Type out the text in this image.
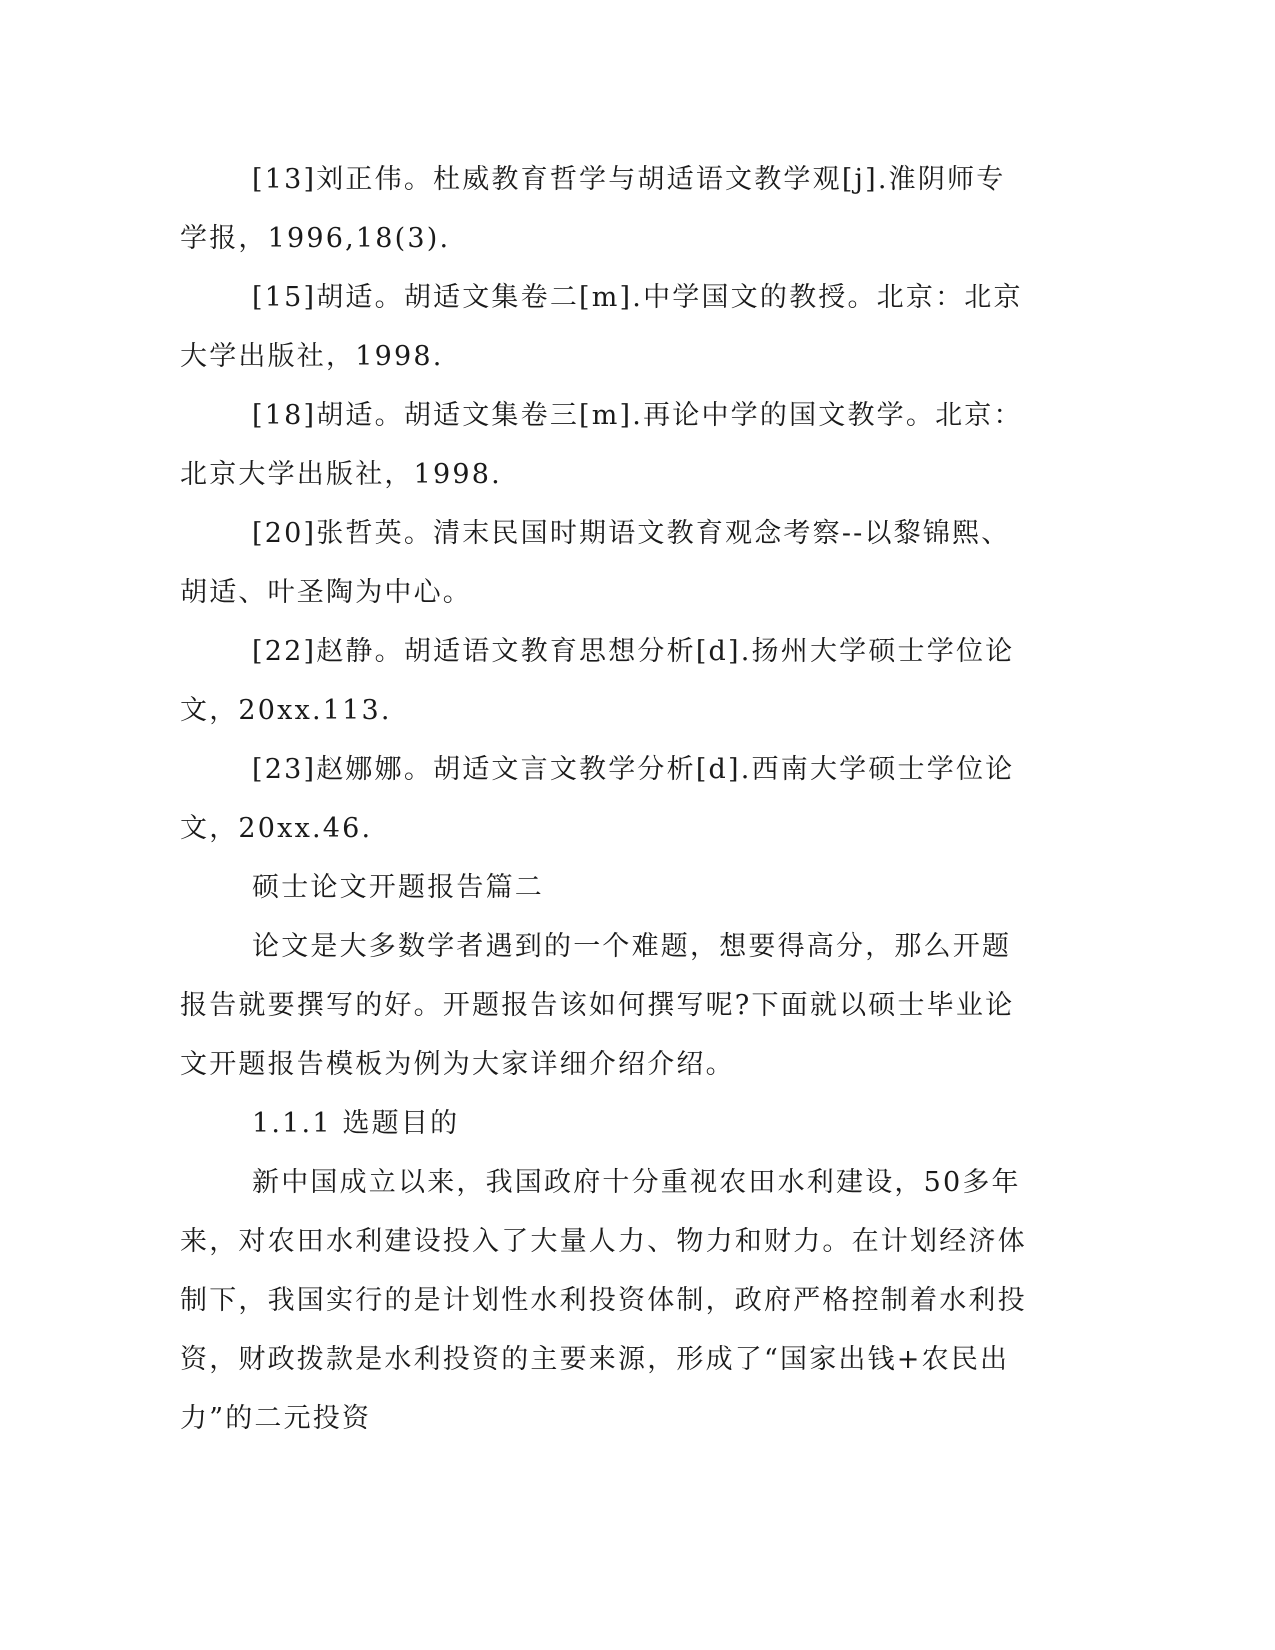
[13]刘正伟。杜威教育哲学与胡适语文教学观[j].淮阴师专学报，1996,18(3).

[15]胡适。胡适文集卷二[m].中学国文的教授。北京：北京大学出版社，1998.

[18]胡适。胡适文集卷三[m].再论中学的国文教学。北京：北京大学出版社，1998.

[20]张哲英。清末民国时期语文教育观念考察--以黎锦熙、胡适、叶圣陶为中心。

[22]赵静。胡适语文教育思想分析[d].扬州大学硕士学位论文，20xx.113.

[23]赵娜娜。胡适文言文教学分析[d].西南大学硕士学位论文，20xx.46.

硕士论文开题报告篇二

论文是大多数学者遇到的一个难题，想要得高分，那么开题报告就要撰写的好。开题报告该如何撰写呢?下面就以硕士毕业论文开题报告模板为例为大家详细介绍介绍。

1.1.1 选题目的

新中国成立以来，我国政府十分重视农田水利建设，50多年来，对农田水利建设投入了大量人力、物力和财力。在计划经济体制下，我国实行的是计划性水利投资体制，政府严格控制着水利投资，财政拨款是水利投资的主要来源，形成了“国家出钱+农民出力”的二元投资
